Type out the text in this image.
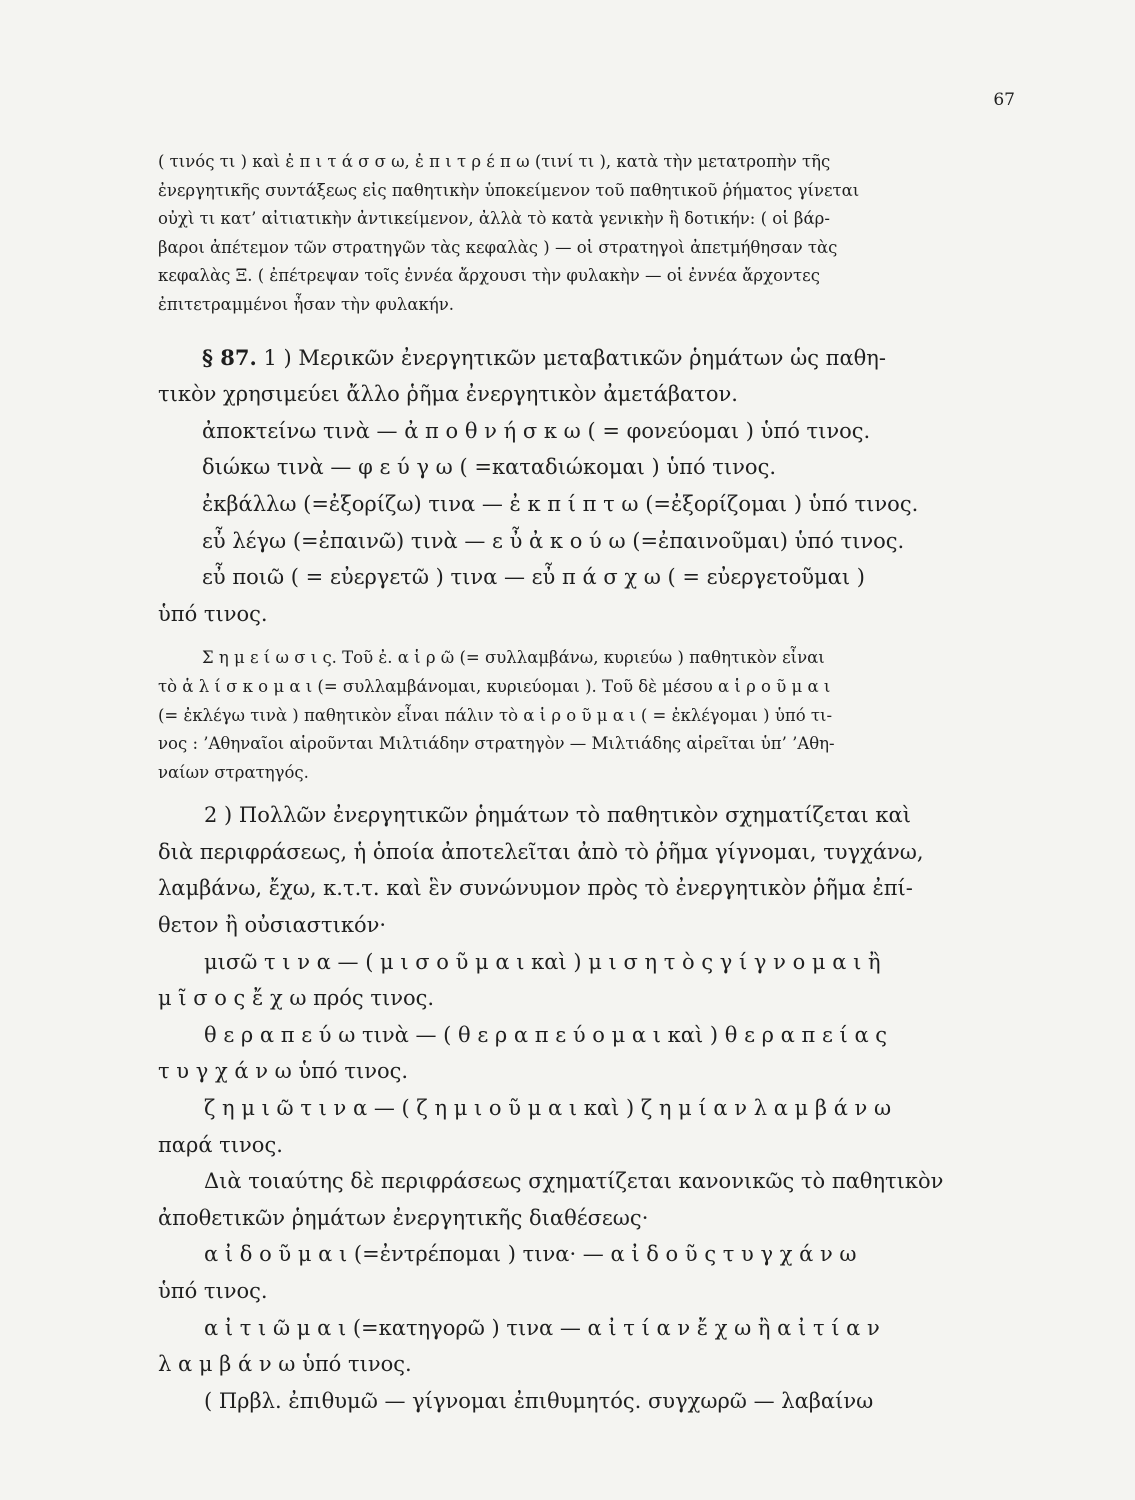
67
( τινός τι ) καὶ ἐ π ι τ ά σ σ ω, ἐ π ι τ ρ έ π ω (τινί τι ), κατὰ τὴν μετατροπὴν τῆς
ἐνεργητικῆς συντάξεως εἰς παθητικὴν ὑποκείμενον τοῦ παθητικοῦ ῥήματος γίνεται
οὐχὶ τι κατ’ αἰτιατικὴν ἀντικείμενον, ἀλλὰ τὸ κατὰ γενικὴν ἢ δοτικήν: ( οἱ βάρ-
βαροι ἀπέτεμον τῶν στρατηγῶν τὰς κεφαλὰς ) — οἱ στρατηγοὶ ἀπετμήθησαν τὰς
κεφαλὰς Ξ. ( ἐπέτρεψαν τοῖς ἐννέα ἄρχουσι τὴν φυλακὴν — οἱ ἐννέα ἄρχοντες
ἐπιτετραμμένοι ἦσαν τὴν φυλακήν.
§ 87. 1 ) Μερικῶν ἐνεργητικῶν μεταβατικῶν ῥημάτων ὡς παθη-
τικὸν χρησιμεύει ἄλλο ῥῆμα ἐνεργητικὸν ἀμετάβατον.
ἀποκτείνω τινὰ — ἀ π ο θ ν ή σ κ ω ( = φονεύομαι ) ὑπό τινος.
διώκω τινὰ — φ ε ύ γ ω ( =καταδιώκομαι ) ὑπό τινος.
ἐκβάλλω (=ἐξορίζω) τινα — ἐ κ π ί π τ ω (=ἐξορίζομαι ) ὑπό τινος.
εὖ λέγω (=ἐπαινῶ) τινὰ — ε ὖ ἀ κ ο ύ ω (=ἐπαινοῦμαι) ὑπό τινος.
εὖ ποιῶ ( = εὐεργετῶ ) τινα — εὖ π ά σ χ ω ( = εὐεργετοῦμαι )
ὑπό τινος.
Σ η μ ε ί ω σ ι ς. Τοῦ ἐ. α ἱ ρ ῶ (= συλλαμβάνω, κυριεύω ) παθητικὸν εἶναι
τὸ ἁ λ ί σ κ ο μ α ι (= συλλαμβάνομαι, κυριεύομαι ). Τοῦ δὲ μέσου α ἱ ρ ο ῦ μ α ι
(= ἐκλέγω τινὰ ) παθητικὸν εἶναι πάλιν τὸ α ἱ ρ ο ῦ μ α ι ( = ἐκλέγομαι ) ὑπό τι-
νος : ’Αθηναῖοι αἱροῦνται Μιλτιάδην στρατηγὸν — Μιλτιάδης αἱρεῖται ὑπ’ ’Αθη-
ναίων στρατηγός.
2 ) Πολλῶν ἐνεργητικῶν ῥημάτων τὸ παθητικὸν σχηματίζεται καὶ
διὰ περιφράσεως, ἡ ὁποία ἀποτελεῖται ἀπὸ τὸ ῥῆμα γίγνομαι, τυγχάνω,
λαμβάνω, ἔχω, κ.τ.τ. καὶ ἓν συνώνυμον πρὸς τὸ ἐνεργητικὸν ῥῆμα ἐπί-
θετον ἢ οὐσιαστικόν·
μισῶ τ ι ν α — ( μ ι σ ο ῦ μ α ι καὶ ) μ ι σ η τ ὸ ς γ ί γ ν ο μ α ι ἢ
μ ῖ σ ο ς ἔ χ ω πρός τινος.
θ ε ρ α π ε ύ ω τινὰ — ( θ ε ρ α π ε ύ ο μ α ι καὶ ) θ ε ρ α π ε ί α ς
τ υ γ χ ά ν ω ὑπό τινος.
ζ η μ ι ῶ τ ι ν α — ( ζ η μ ι ο ῦ μ α ι καὶ ) ζ η μ ί α ν λ α μ β ά ν ω
παρά τινος.
Διὰ τοιαύτης δὲ περιφράσεως σχηματίζεται κανονικῶς τὸ παθητικὸν
ἀποθετικῶν ῥημάτων ἐνεργητικῆς διαθέσεως·
α ἰ δ ο ῦ μ α ι (=ἐντρέπομαι ) τινα· — α ἰ δ ο ῦ ς τ υ γ χ ά ν ω
ὑπό τινος.
α ἰ τ ι ῶ μ α ι (=κατηγορῶ ) τινα — α ἰ τ ί α ν ἔ χ ω ἢ α ἰ τ ί α ν
λ α μ β ά ν ω ὑπό τινος.
( Πρβλ. ἐπιθυμῶ — γίγνομαι ἐπιθυμητός. συγχωρῶ — λαβαίνω
